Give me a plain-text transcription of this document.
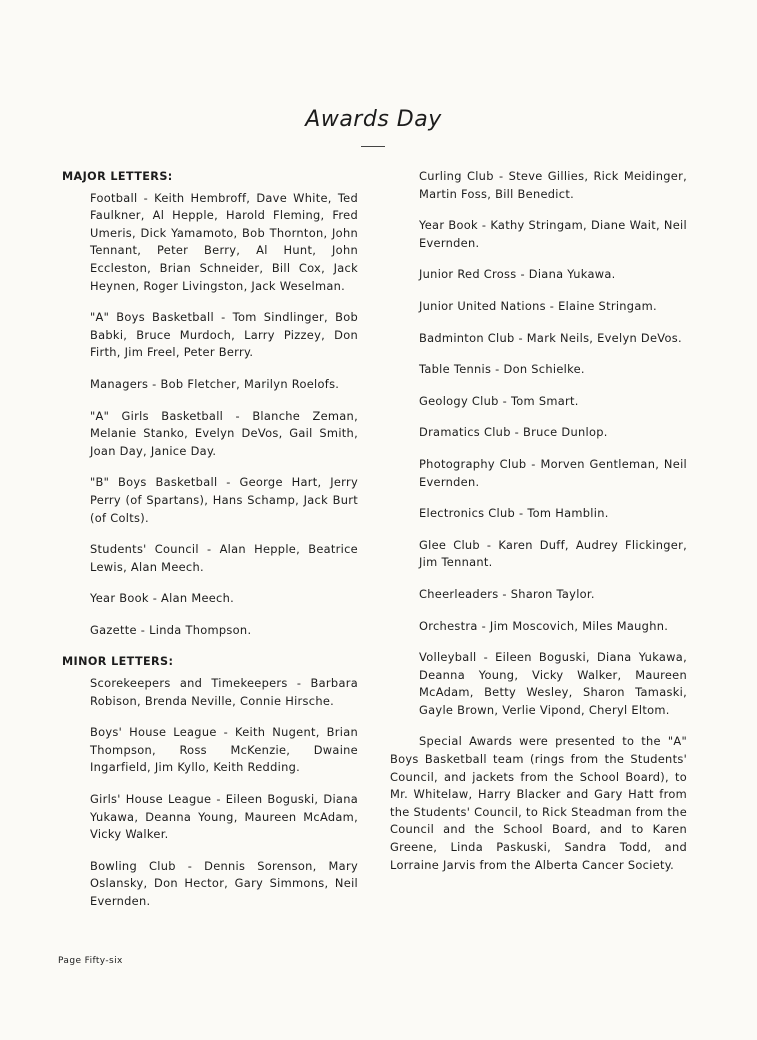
Awards Day
MAJOR LETTERS:

Football - Keith Hembroff, Dave White, Ted Faulkner, Al Hepple, Harold Fleming, Fred Umeris, Dick Yamamoto, Bob Thornton, John Tennant, Peter Berry, Al Hunt, John Eccleston, Brian Schneider, Bill Cox, Jack Heynen, Roger Livingston, Jack Weselman.

"A" Boys Basketball - Tom Sindlinger, Bob Babki, Bruce Murdoch, Larry Pizzey, Don Firth, Jim Freel, Peter Berry.

Managers - Bob Fletcher, Marilyn Roelofs.

"A" Girls Basketball - Blanche Zeman, Melanie Stanko, Evelyn DeVos, Gail Smith, Joan Day, Janice Day.

"B" Boys Basketball - George Hart, Jerry Perry (of Spartans), Hans Schamp, Jack Burt (of Colts).

Students' Council - Alan Hepple, Beatrice Lewis, Alan Meech.

Year Book - Alan Meech.

Gazette - Linda Thompson.

MINOR LETTERS:

Scorekeepers and Timekeepers - Barbara Robison, Brenda Neville, Connie Hirsche.

Boys' House League - Keith Nugent, Brian Thompson, Ross McKenzie, Dwaine Ingarfield, Jim Kyllo, Keith Redding.

Girls' House League - Eileen Boguski, Diana Yukawa, Deanna Young, Maureen McAdam, Vicky Walker.

Bowling Club - Dennis Sorenson, Mary Oslansky, Don Hector, Gary Simmons, Neil Evernden.

Curling Club - Steve Gillies, Rick Meidinger, Martin Foss, Bill Benedict.

Year Book - Kathy Stringam, Diane Wait, Neil Evernden.

Junior Red Cross - Diana Yukawa.

Junior United Nations - Elaine Stringam.

Badminton Club - Mark Neils, Evelyn DeVos.

Table Tennis - Don Schielke.

Geology Club - Tom Smart.

Dramatics Club - Bruce Dunlop.

Photography Club - Morven Gentleman, Neil Evernden.

Electronics Club - Tom Hamblin.

Glee Club - Karen Duff, Audrey Flickinger, Jim Tennant.

Cheerleaders - Sharon Taylor.

Orchestra - Jim Moscovich, Miles Maughn.

Volleyball - Eileen Boguski, Diana Yukawa, Deanna Young, Vicky Walker, Maureen McAdam, Betty Wesley, Sharon Tamaski, Gayle Brown, Verlie Vipond, Cheryl Eltom.

Special Awards were presented to the "A" Boys Basketball team (rings from the Students' Council, and jackets from the School Board), to Mr. Whitelaw, Harry Blacker and Gary Hatt from the Students' Council, to Rick Steadman from the Council and the School Board, and to Karen Greene, Linda Paskuski, Sandra Todd, and Lorraine Jarvis from the Alberta Cancer Society.

Page Fifty-six
